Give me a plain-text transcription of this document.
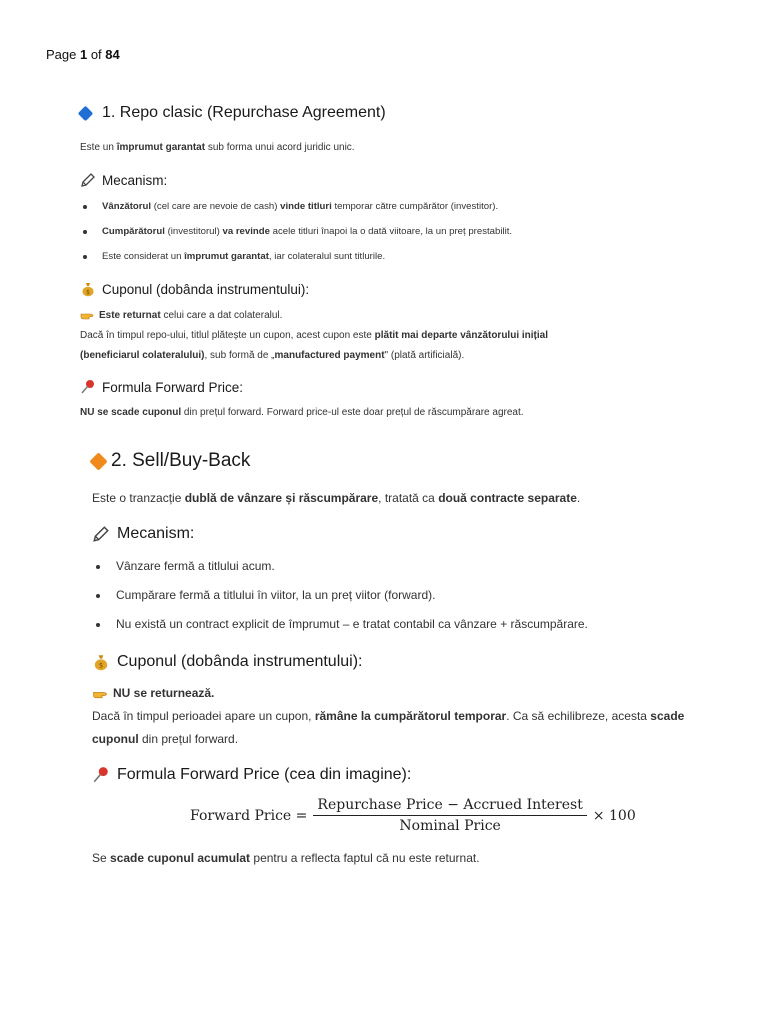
Page 1 of 84
1. Repo clasic (Repurchase Agreement)
Este un împrumut garantat sub forma unui acord juridic unic.
Mecanism:
Vânzătorul (cel care are nevoie de cash) vinde titluri temporar către cumpărător (investitor).
Cumpărătorul (investitorul) va revinde acele titluri înapoi la o dată viitoare, la un preț prestabilit.
Este considerat un împrumut garantat, iar colateralul sunt titlurile.
$ Cuponul (dobânda instrumentului):
Este returnat celui care a dat colateralul.
Dacă în timpul repo-ului, titlul plătește un cupon, acest cupon este plătit mai departe vânzătorului inițial
(beneficiarul colateralului), sub formă de „manufactured payment" (plată artificială).
Formula Forward Price:
NU se scade cuponul din prețul forward. Forward price-ul este doar prețul de răscumpărare agreat.
2. Sell/Buy-Back
Este o tranzacție dublă de vânzare și răscumpărare, tratată ca două contracte separate.
Mecanism:
Vânzare fermă a titlului acum.
Cumpărare fermă a titlului în viitor, la un preț viitor (forward).
Nu există un contract explicit de împrumut – e tratat contabil ca vânzare + răscumpărare.
$ Cuponul (dobânda instrumentului):
NU se returnează.
Dacă în timpul perioadei apare un cupon, rămâne la cumpărătorul temporar. Ca să echilibreze, acesta scade
cuponul din prețul forward.
Formula Forward Price (cea din imagine):
Forward Price = $\frac{\text{Repurchase Price − Accrued Interest}}{\text{Nominal Price}} \times 100$
Se scade cuponul acumulat pentru a reflecta faptul că nu este returnat.
